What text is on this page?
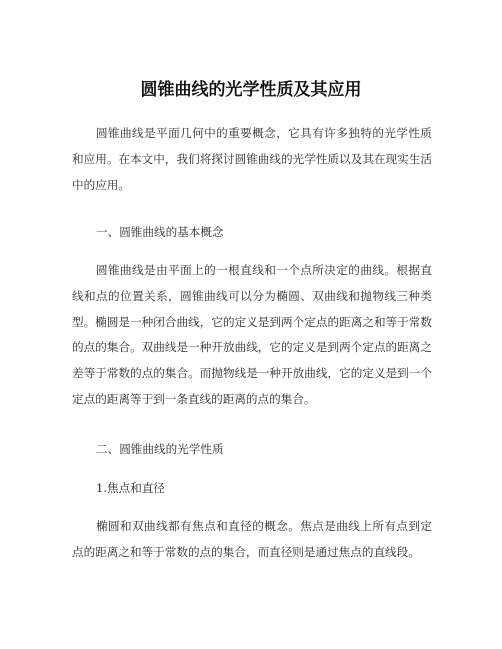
圆锥曲线的光学性质及其应用

圆锥曲线是平面几何中的重要概念，它具有许多独特的光学性质和应用。在本文中，我们将探讨圆锥曲线的光学性质以及其在现实生活中的应用。

一、圆锥曲线的基本概念

圆锥曲线是由平面上的一根直线和一个点所决定的曲线。根据直线和点的位置关系，圆锥曲线可以分为椭圆、双曲线和抛物线三种类型。椭圆是一种闭合曲线，它的定义是到两个定点的距离之和等于常数的点的集合。双曲线是一种开放曲线，它的定义是到两个定点的距离之差等于常数的点的集合。而抛物线是一种开放曲线，它的定义是到一个定点的距离等于到一条直线的距离的点的集合。

二、圆锥曲线的光学性质

1.焦点和直径

椭圆和双曲线都有焦点和直径的概念。焦点是曲线上所有点到定点的距离之和等于常数的点的集合，而直径则是通过焦点的直线段。
